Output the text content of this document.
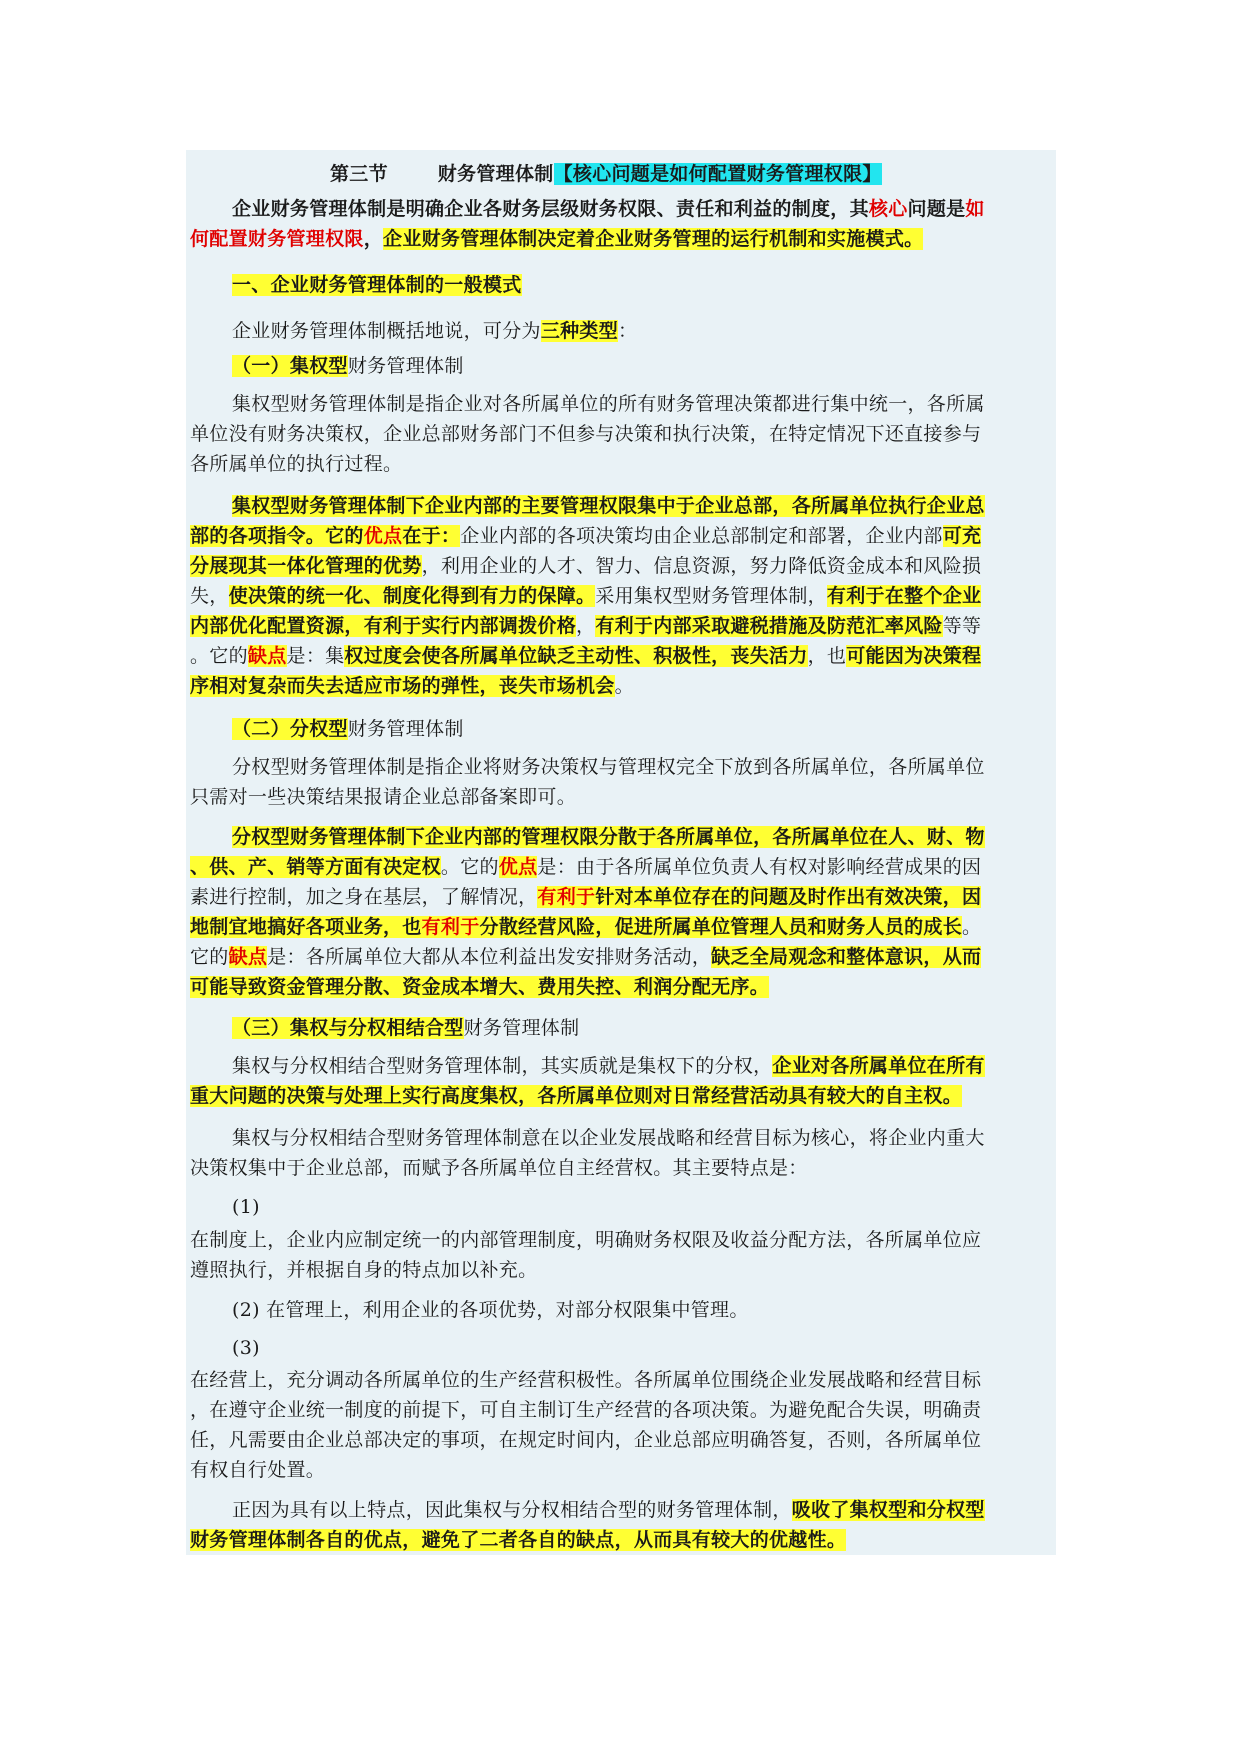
第三节	财务管理体制【核心问题是如何配置财务管理权限】
企业财务管理体制是明确企业各财务层级财务权限、责任和利益的制度，其核心问题是如
何配置财务管理权限，企业财务管理体制决定着企业财务管理的运行机制和实施模式。
一、企业财务管理体制的一般模式
企业财务管理体制概括地说，可分为三种类型：
（一）集权型财务管理体制
集权型财务管理体制是指企业对各所属单位的所有财务管理决策都进行集中统一，各所属
单位没有财务决策权，企业总部财务部门不但参与决策和执行决策，在特定情况下还直接参与
各所属单位的执行过程。
集权型财务管理体制下企业内部的主要管理权限集中于企业总部，各所属单位执行企业总
部的各项指令。它的优点在于：企业内部的各项决策均由企业总部制定和部署，企业内部可充
分展现其一体化管理的优势，利用企业的人才、智力、信息资源，努力降低资金成本和风险损
失，使决策的统一化、制度化得到有力的保障。采用集权型财务管理体制，有利于在整个企业
内部优化配置资源，有利于实行内部调拨价格，有利于内部采取避税措施及防范汇率风险等等
。它的缺点是：集权过度会使各所属单位缺乏主动性、积极性，丧失活力，也可能因为决策程
序相对复杂而失去适应市场的弹性，丧失市场机会。
（二）分权型财务管理体制
分权型财务管理体制是指企业将财务决策权与管理权完全下放到各所属单位，各所属单位
只需对一些决策结果报请企业总部备案即可。
分权型财务管理体制下企业内部的管理权限分散于各所属单位，各所属单位在人、财、物
、供、产、销等方面有决定权。它的优点是：由于各所属单位负责人有权对影响经营成果的因
素进行控制，加之身在基层，了解情况，有利于针对本单位存在的问题及时作出有效决策，因
地制宜地搞好各项业务，也有利于分散经营风险，促进所属单位管理人员和财务人员的成长。
它的缺点是：各所属单位大都从本位利益出发安排财务活动，缺乏全局观念和整体意识，从而
可能导致资金管理分散、资金成本增大、费用失控、利润分配无序。
（三）集权与分权相结合型财务管理体制
集权与分权相结合型财务管理体制，其实质就是集权下的分权，企业对各所属单位在所有
重大问题的决策与处理上实行高度集权，各所属单位则对日常经营活动具有较大的自主权。
集权与分权相结合型财务管理体制意在以企业发展战略和经营目标为核心，将企业内重大
决策权集中于企业总部，而赋予各所属单位自主经营权。其主要特点是：
(1)
在制度上，企业内应制定统一的内部管理制度，明确财务权限及收益分配方法，各所属单位应
遵照执行，并根据自身的特点加以补充。
(2) 在管理上，利用企业的各项优势，对部分权限集中管理。
(3)
在经营上，充分调动各所属单位的生产经营积极性。各所属单位围绕企业发展战略和经营目标
，在遵守企业统一制度的前提下，可自主制订生产经营的各项决策。为避免配合失误，明确责
任，凡需要由企业总部决定的事项，在规定时间内，企业总部应明确答复，否则，各所属单位
有权自行处置。
正因为具有以上特点，因此集权与分权相结合型的财务管理体制，吸收了集权型和分权型
财务管理体制各自的优点，避免了二者各自的缺点，从而具有较大的优越性。
